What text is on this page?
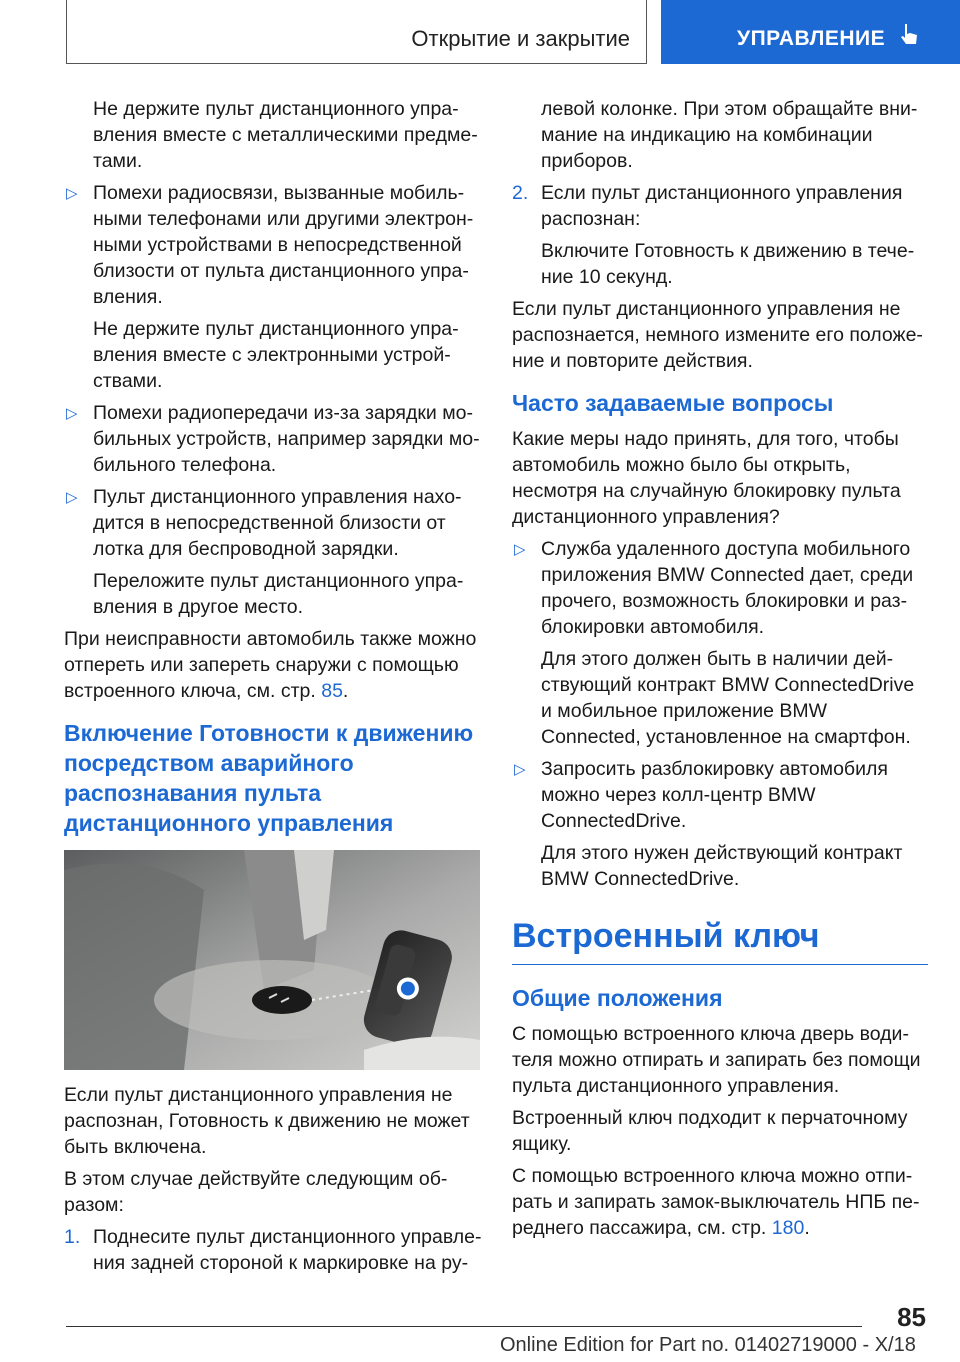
Открытие и закрытие	УПРАВЛЕНИЕ

Не держите пульт дистанционного управления вместе с металлическими предметами.

▷ Помехи радиосвязи, вызванные мобильными телефонами или другими электронными устройствами в непосредственной близости от пульта дистанционного управления.

Не держите пульт дистанционного управления вместе с электронными устройствами.

▷ Помехи радиопередачи из-за зарядки мобильных устройств, например зарядки мобильного телефона.
▷ Пульт дистанционного управления находится в непосредственной близости от лотка для беспроводной зарядки.

Переложите пульт дистанционного управления в другое место.

При неисправности автомобиль также можно отпереть или запереть снаружи с помощью встроенного ключа, см. стр. 85.

Включение Готовности к движению посредством аварийного распознавания пульта дистанционного управления

Если пульт дистанционного управления не распознан, Готовность к движению не может быть включена.

В этом случае действуйте следующим образом:

1. Поднесите пульт дистанционного управления задней стороной к маркировке на ру-

левой колонке. При этом обращайте внимание на индикацию на комбинации приборов.

2. Если пульт дистанционного управления распознан:

Включите Готовность к движению в течение 10 секунд.

Если пульт дистанционного управления не распознается, немного измените его положение и повторите действия.

Часто задаваемые вопросы

Какие меры надо принять, для того, чтобы автомобиль можно было бы открыть, несмотря на случайную блокировку пульта дистанционного управления?

▷ Служба удаленного доступа мобильного приложения BMW Connected дает, среди прочего, возможность блокировки и разблокировки автомобиля.

Для этого должен быть в наличии действующий контракт BMW ConnectedDrive и мобильное приложение BMW Connected, установленное на смартфон.

▷ Запросить разблокировку автомобиля можно через колл-центр BMW ConnectedDrive.

Для этого нужен действующий контракт BMW ConnectedDrive.

Встроенный ключ
Общие положения

С помощью встроенного ключа дверь водителя можно отпирать и запирать без помощи пульта дистанционного управления.

Встроенный ключ подходит к перчаточному ящику.

С помощью встроенного ключа можно отпирать и запирать замок-выключатель НПБ переднего пассажира, см. стр. 180.

85
Online Edition for Part no. 01402719000 - X/18
